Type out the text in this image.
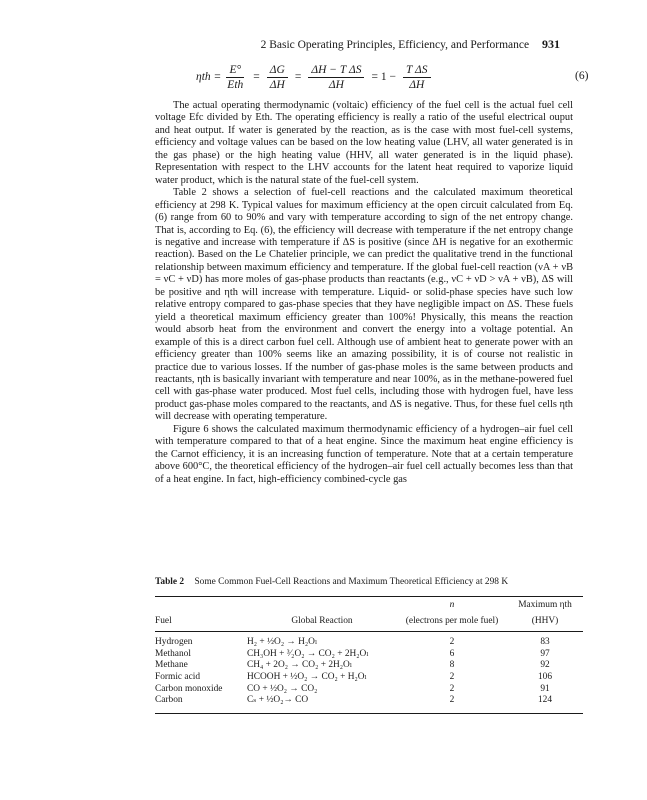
2 Basic Operating Principles, Efficiency, and Performance 931
$\eta th = \frac{E^\circ}{\text{Eth}} = \frac{\Delta G}{\Delta H} = \frac{\text{ΔH − T ΔS}}{\Delta H} = 1 - \frac{\text{T ΔS}}{\Delta H}$	(6)

The actual operating thermodynamic (voltaic) efficiency of the fuel cell is the actual fuel cell voltage Efc divided by Eth. The operating efficiency is really a ratio of the useful electrical ouput and heat output. If water is generated by the reaction, as is the case with most fuel-cell systems, efficiency and voltage values can be based on the low heating value (LHV, all water generated is in the gas phase) or the high heating value (HHV, all water generated is in the liquid phase). Representation with respect to the LHV accounts for the latent heat required to vaporize liquid water product, which is the natural state of the fuel-cell system.

Table 2 shows a selection of fuel-cell reactions and the calculated maximum theoretical efficiency at 298 K. Typical values for maximum efficiency at the open circuit calculated from Eq. (6) range from 60 to 90% and vary with temperature according to sign of the net entropy change. That is, according to Eq. (6), the efficiency will decrease with temperature if the net entropy change is negative and increase with temperature if ΔS is positive (since ΔH is negative for an exothermic reaction). Based on the Le Chatelier principle, we can predict the qualitative trend in the functional relationship between maximum efficiency and temperature. If the global fuel-cell reaction (νA + νB = νC + νD) has more moles of gas-phase products than reactants (e.g., νC + νD > νA + νB), ΔS will be positive and ηth will increase with temperature. Liquid- or solid-phase species have such low relative entropy compared to gas-phase species that they have negligible impact on ΔS. These fuels yield a theoretical maximum efficiency greater than 100%! Physically, this means the reaction would absorb heat from the environment and convert the energy into a voltage potential. An example of this is a direct carbon fuel cell. Although use of ambient heat to generate power with an efficiency greater than 100% seems like an amazing possibility, it is of course not realistic in practice due to various losses. If the number of gas-phase moles is the same between products and reactants, ηth is basically invariant with temperature and near 100%, as in the methane-powered fuel cell with gas-phase water produced. Most fuel cells, including those with hydrogen fuel, have less product gas-phase moles compared to the reactants, and ΔS is negative. Thus, for these fuel cells ηth will decrease with operating temperature.

Figure 6 shows the calculated maximum thermodynamic efficiency of a hydrogen–air fuel cell with temperature compared to that of a heat engine. Since the maximum heat engine efficiency is the Carnot efficiency, it is an increasing function of temperature. Note that at a certain temperature above 600°C, the theoretical efficiency of the hydrogen–air fuel cell actually becomes less than that of a heat engine. In fact, high-efficiency combined-cycle gas

Table 2 Some Common Fuel-Cell Reactions and Maximum Theoretical Efficiency at 298 K
		n	Maximum ηth
Fuel	Global Reaction	(electrons per mole fuel)	(HHV)
Hydrogen	H₂ + ½O₂ → H₂Oₗ	2	83
Methanol	CH₃OH + ³⁄₂O₂ → CO₂ + 2H₂Oₗ	6	97
Methane	CH₄ + 2O₂ → CO₂ + 2H₂Oₗ	8	92
Formic acid	HCOOH + ½O₂ → CO₂ + H₂Oₗ	2	106
Carbon monoxide	CO + ½O₂ → CO₂	2	91
Carbon	Cₛ + ½O₂→ CO	2	124
